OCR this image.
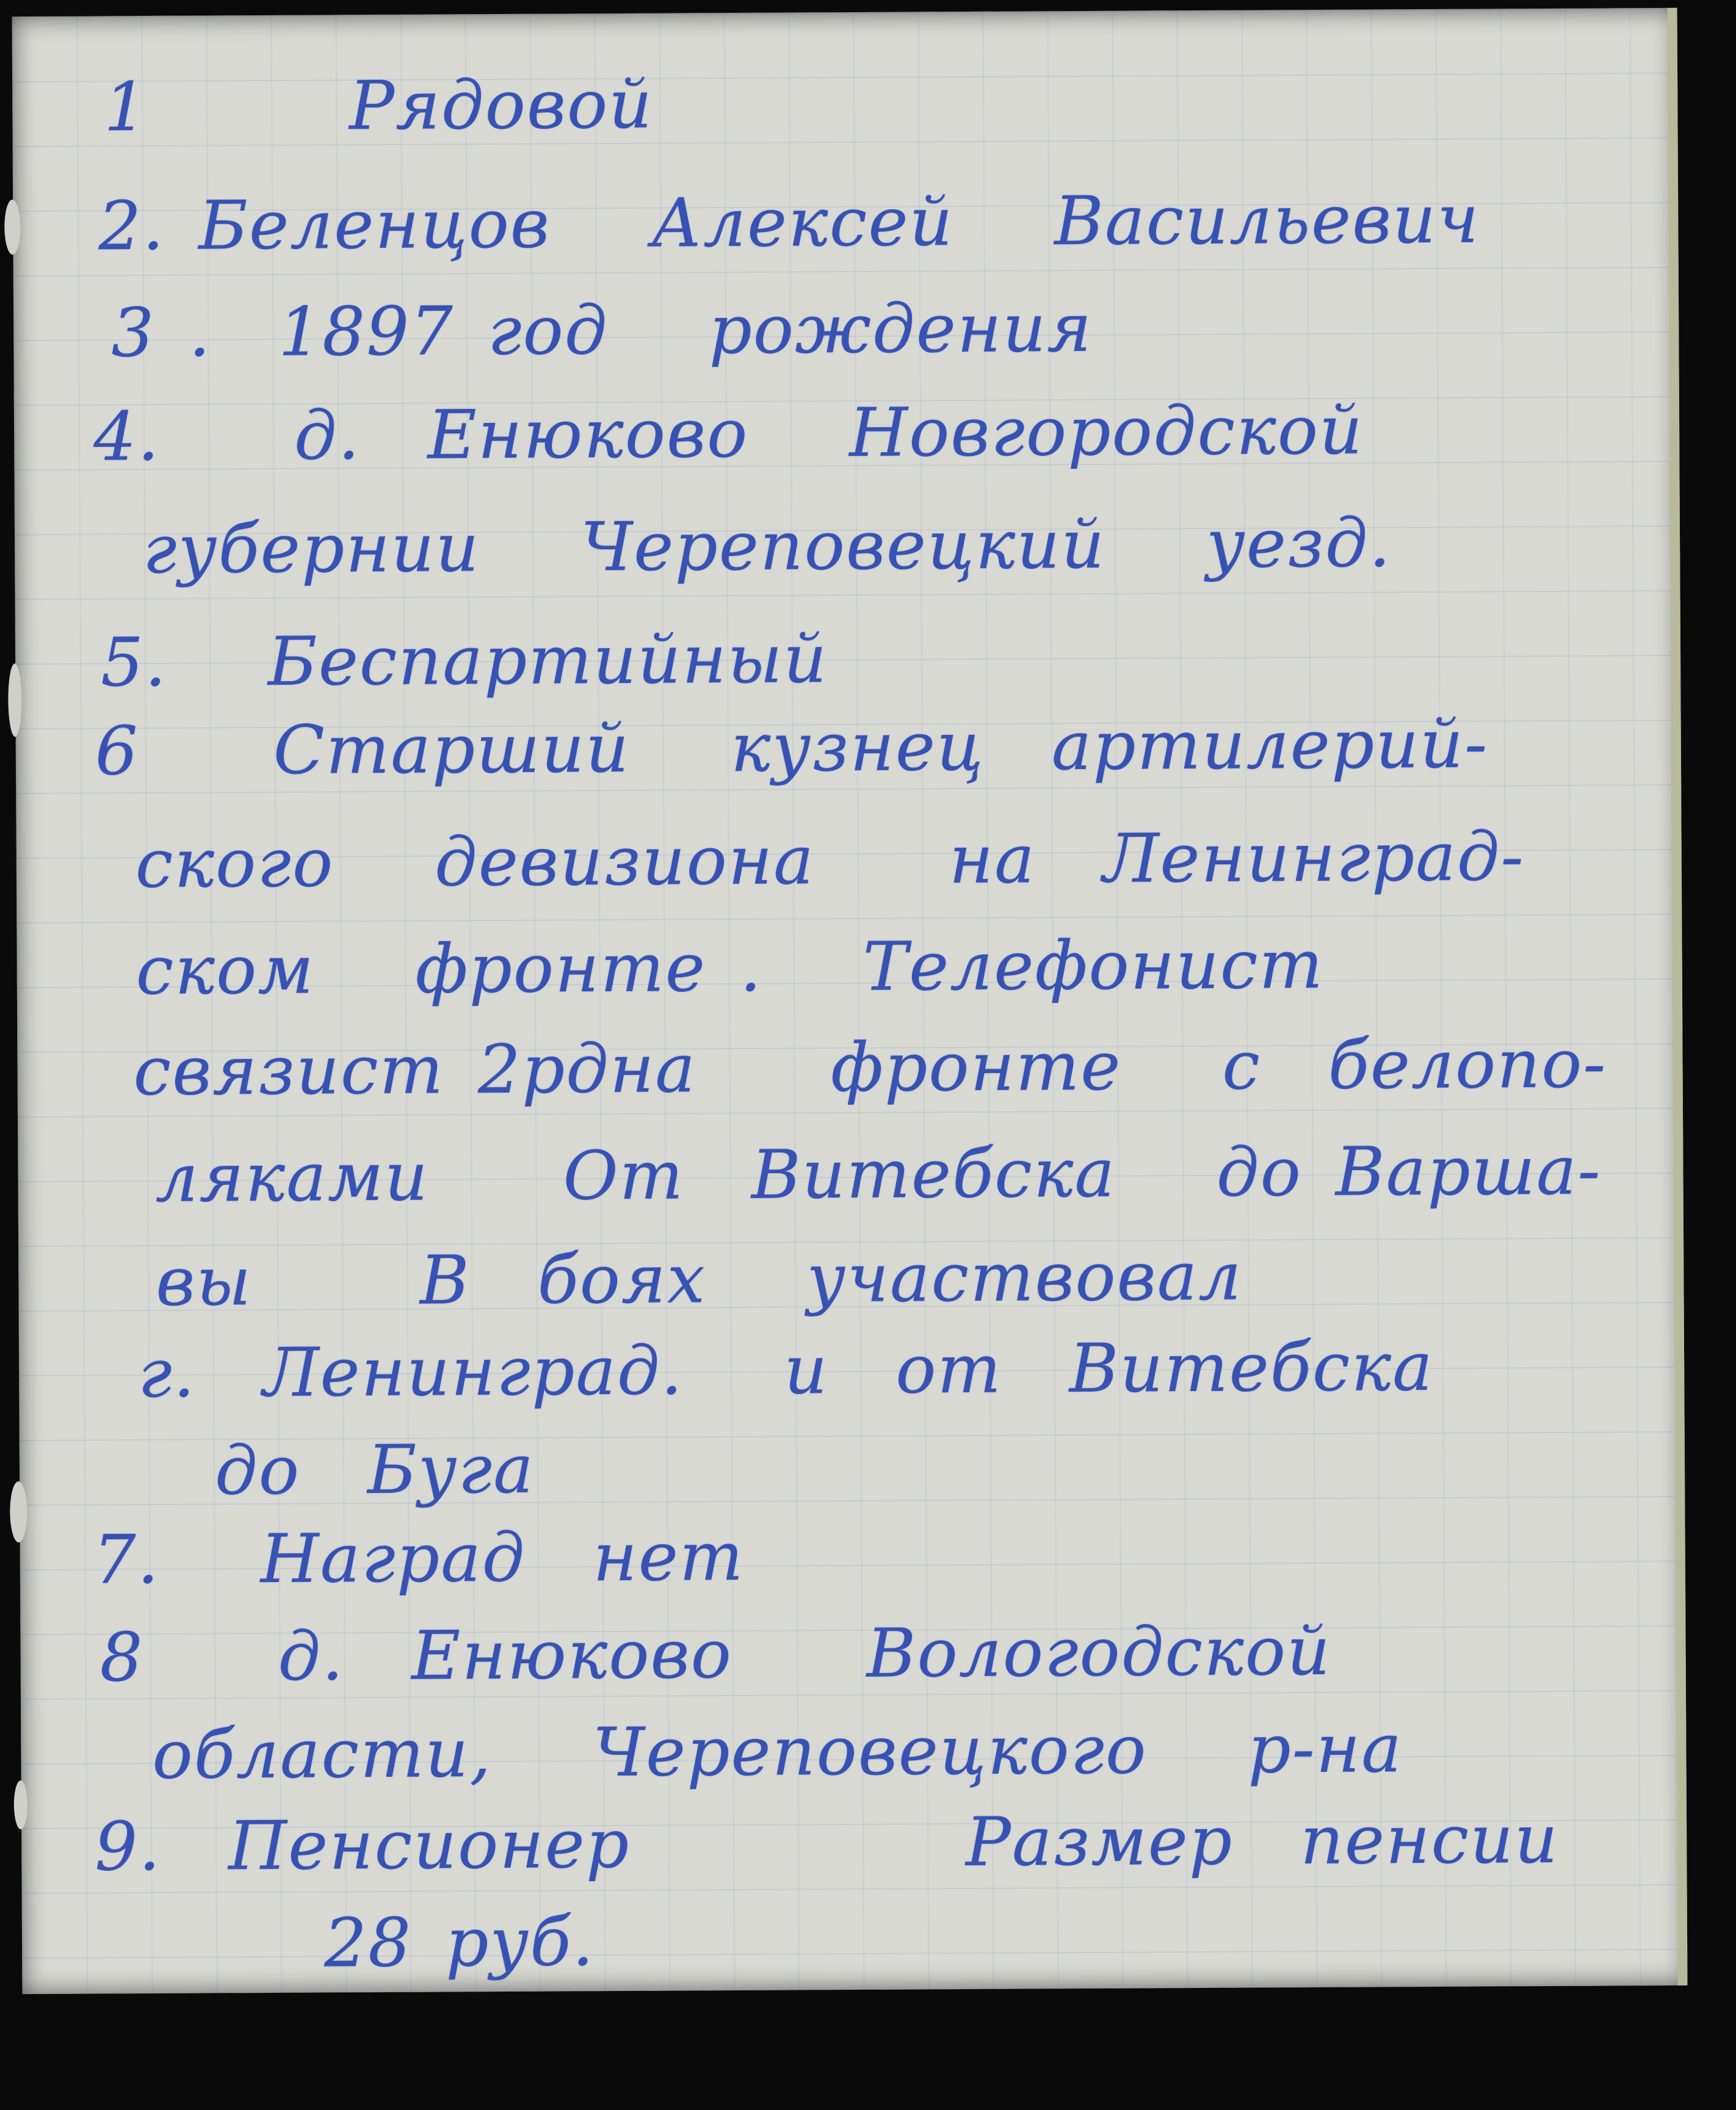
1      Рядовой
2. Беленцов   Алексей   Васильевич
3 .  1897 год   рождения
4.    д.  Енюково   Новгородской
губернии   Череповецкий   уезд.
5.   Беспартийный
6    Старший   кузнец  артилерий-
ского   девизиона    на  Ленинград-
ском   фронте .   Телефонист
связист 2рдна    фронте   с  белопо-
ляками    От  Витебска   до Варша-
вы     В  боях   участвовал
г.  Ленинград.   и  от  Витебска
до  Буга
7.   Наград  нет
8    д.  Енюково    Вологодской
области,   Череповецкого   р-на
9.  Пенсионер          Размер  пенсии
28 руб.
